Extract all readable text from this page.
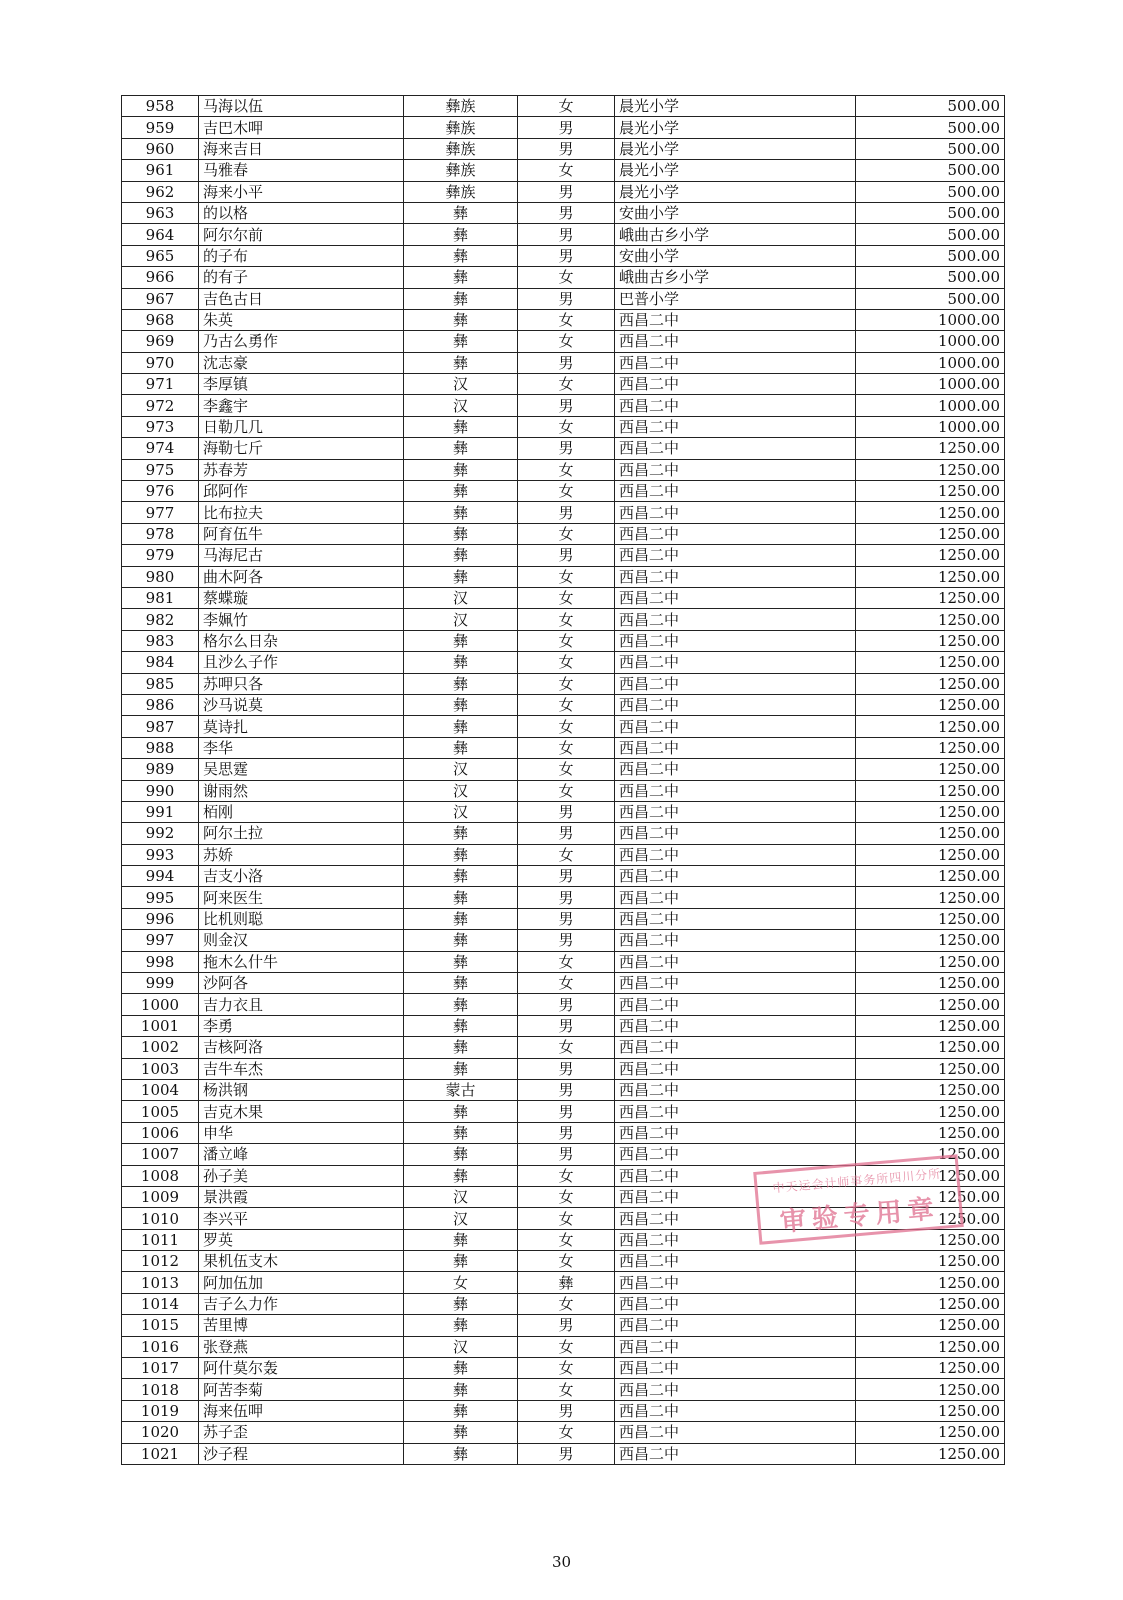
958	马海以伍	彝族	女	晨光小学	500.00
959	吉巴木呷	彝族	男	晨光小学	500.00
960	海来吉日	彝族	男	晨光小学	500.00
961	马雅春	彝族	女	晨光小学	500.00
962	海来小平	彝族	男	晨光小学	500.00
963	的以格	彝	男	安曲小学	500.00
964	阿尔尔前	彝	男	峨曲古乡小学	500.00
965	的子布	彝	男	安曲小学	500.00
966	的有子	彝	女	峨曲古乡小学	500.00
967	吉色古日	彝	男	巴普小学	500.00
968	朱英	彝	女	西昌二中	1000.00
969	乃古么勇作	彝	女	西昌二中	1000.00
970	沈志豪	彝	男	西昌二中	1000.00
971	李厚镇	汉	女	西昌二中	1000.00
972	李鑫宇	汉	男	西昌二中	1000.00
973	日勒几几	彝	女	西昌二中	1000.00
974	海勒七斤	彝	男	西昌二中	1250.00
975	苏春芳	彝	女	西昌二中	1250.00
976	邱阿作	彝	女	西昌二中	1250.00
977	比布拉夫	彝	男	西昌二中	1250.00
978	阿育伍牛	彝	女	西昌二中	1250.00
979	马海尼古	彝	男	西昌二中	1250.00
980	曲木阿各	彝	女	西昌二中	1250.00
981	蔡蝶璇	汉	女	西昌二中	1250.00
982	李姵竹	汉	女	西昌二中	1250.00
983	格尔么日杂	彝	女	西昌二中	1250.00
984	且沙么子作	彝	女	西昌二中	1250.00
985	苏呷只各	彝	女	西昌二中	1250.00
986	沙马说莫	彝	女	西昌二中	1250.00
987	莫诗扎	彝	女	西昌二中	1250.00
988	李华	彝	女	西昌二中	1250.00
989	吴思霆	汉	女	西昌二中	1250.00
990	谢雨然	汉	女	西昌二中	1250.00
991	栢刚	汉	男	西昌二中	1250.00
992	阿尔土拉	彝	男	西昌二中	1250.00
993	苏娇	彝	女	西昌二中	1250.00
994	吉支小洛	彝	男	西昌二中	1250.00
995	阿来医生	彝	男	西昌二中	1250.00
996	比机则聪	彝	男	西昌二中	1250.00
997	则金汉	彝	男	西昌二中	1250.00
998	拖木么什牛	彝	女	西昌二中	1250.00
999	沙阿各	彝	女	西昌二中	1250.00
1000	吉力衣且	彝	男	西昌二中	1250.00
1001	李勇	彝	男	西昌二中	1250.00
1002	吉核阿洛	彝	女	西昌二中	1250.00
1003	吉牛车杰	彝	男	西昌二中	1250.00
1004	杨洪钢	蒙古	男	西昌二中	1250.00
1005	吉克木果	彝	男	西昌二中	1250.00
1006	申华	彝	男	西昌二中	1250.00
1007	潘立峰	彝	男	西昌二中	1250.00
1008	孙子美	彝	女	西昌二中	1250.00
1009	景洪霞	汉	女	西昌二中	1250.00
1010	李兴平	汉	女	西昌二中	1250.00
1011	罗英	彝	女	西昌二中	1250.00
1012	果机伍支木	彝	女	西昌二中	1250.00
1013	阿加伍加	女	彝	西昌二中	1250.00
1014	吉子么力作	彝	女	西昌二中	1250.00
1015	苦里博	彝	男	西昌二中	1250.00
1016	张登燕	汉	女	西昌二中	1250.00
1017	阿什莫尔轰	彝	女	西昌二中	1250.00
1018	阿苦李菊	彝	女	西昌二中	1250.00
1019	海来伍呷	彝	男	西昌二中	1250.00
1020	苏子歪	彝	女	西昌二中	1250.00
1021	沙子程	彝	男	西昌二中	1250.00
中天运会计师事务所四川分所
审验专用章
30
